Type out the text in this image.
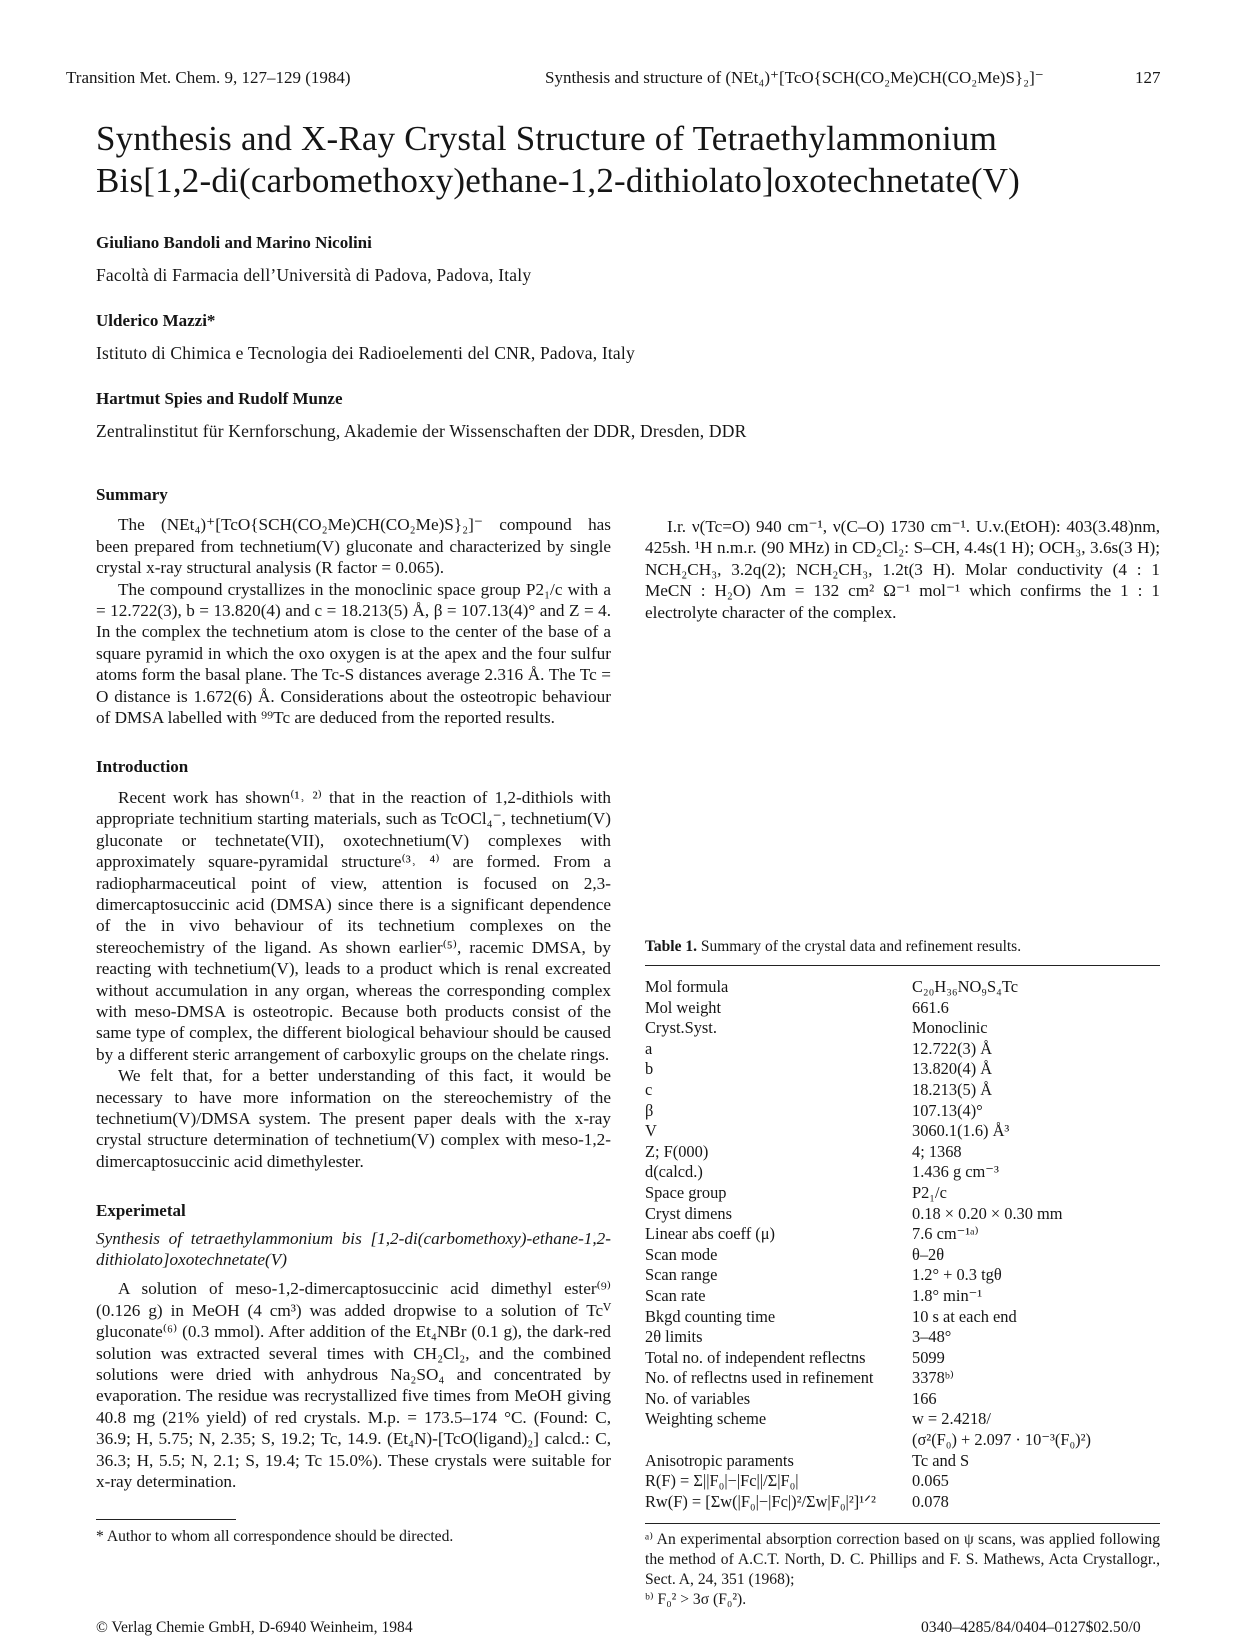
Transition Met. Chem. 9, 127–129 (1984)	Synthesis and structure of (NEt₄)⁺[TcO{SCH(CO₂Me)CH(CO₂Me)S}₂]⁻	127
Synthesis and X-Ray Crystal Structure of Tetraethylammonium
Bis[1,2-di(carbomethoxy)ethane-1,2-dithiolato]oxotechnetate(V)
Giuliano Bandoli and Marino Nicolini
Facoltà di Farmacia dell’Università di Padova, Padova, Italy
Ulderico Mazzi*
Istituto di Chimica e Tecnologia dei Radioelementi del CNR, Padova, Italy
Hartmut Spies and Rudolf Munze
Zentralinstitut für Kernforschung, Akademie der Wissenschaften der DDR, Dresden, DDR

Summary

The (NEt₄)⁺[TcO{SCH(CO₂Me)CH(CO₂Me)S}₂]⁻ compound has been prepared from technetium(V) gluconate and characterized by single crystal x-ray structural analysis (R factor = 0.065).

The compound crystallizes in the monoclinic space group P2₁/c with a = 12.722(3), b = 13.820(4) and c = 18.213(5) Å, β = 107.13(4)° and Z = 4. In the complex the technetium atom is close to the center of the base of a square pyramid in which the oxo oxygen is at the apex and the four sulfur atoms form the basal plane. The Tc-S distances average 2.316 Å. The Tc = O distance is 1.672(6) Å. Considerations about the osteotropic behaviour of DMSA labelled with ⁹⁹Tc are deduced from the reported results.

Introduction

Recent work has shown⁽¹˒ ²⁾ that in the reaction of 1,2-dithiols with appropriate technitium starting materials, such as TcOCl₄⁻, technetium(V) gluconate or technetate(VII), oxotechnetium(V) complexes with approximately square-pyramidal structure⁽³˒ ⁴⁾ are formed. From a radiopharmaceutical point of view, attention is focused on 2,3-dimercaptosuccinic acid (DMSA) since there is a significant dependence of the in vivo behaviour of its technetium complexes on the stereochemistry of the ligand. As shown earlier⁽⁵⁾, racemic DMSA, by reacting with technetium(V), leads to a product which is renal excreated without accumulation in any organ, whereas the corresponding complex with meso-DMSA is osteotropic. Because both products consist of the same type of complex, the different biological behaviour should be caused by a different steric arrangement of carboxylic groups on the chelate rings.

We felt that, for a better understanding of this fact, it would be necessary to have more information on the stereochemistry of the technetium(V)/DMSA system. The present paper deals with the x-ray crystal structure determination of technetium(V) complex with meso-1,2-dimercaptosuccinic acid dimethylester.

Experimetal

Synthesis of tetraethylammonium bis [1,2-di(carbomethoxy)-ethane-1,2-dithiolato]oxotechnetate(V)

A solution of meso-1,2-dimercaptosuccinic acid dimethyl ester⁽⁹⁾ (0.126 g) in MeOH (4 cm³) was added dropwise to a solution of Tcⱽ gluconate⁽⁶⁾ (0.3 mmol). After addition of the Et₄NBr (0.1 g), the dark-red solution was extracted several times with CH₂Cl₂, and the combined solutions were dried with anhydrous Na₂SO₄ and concentrated by evaporation. The residue was recrystallized five times from MeOH giving 40.8 mg (21% yield) of red crystals. M.p. = 173.5–174 °C. (Found: C, 36.9; H, 5.75; N, 2.35; S, 19.2; Tc, 14.9. (Et₄N)-[TcO(ligand)₂] calcd.: C, 36.3; H, 5.5; N, 2.1; S, 19.4; Tc 15.0%). These crystals were suitable for x-ray determination.

* Author to whom all correspondence should be directed.

I.r. ν(Tc=O) 940 cm⁻¹, ν(C–O) 1730 cm⁻¹. U.v.(EtOH): 403(3.48)nm, 425sh. ¹H n.m.r. (90 MHz) in CD₂Cl₂: S–CH, 4.4s(1 H); OCH₃, 3.6s(3 H); NCH₂CH₃, 3.2q(2); NCH₂CH₃, 1.2t(3 H). Molar conductivity (4 : 1 MeCN : H₂O) Λm = 132 cm² Ω⁻¹ mol⁻¹ which confirms the 1 : 1 electrolyte character of the complex.

Table 1. Summary of the crystal data and refinement results.
Mol formula	C₂₀H₃₆NO₉S₄Tc
Mol weight	661.6
Cryst.Syst.	Monoclinic
a	12.722(3) Å
b	13.820(4) Å
c	18.213(5) Å
β	107.13(4)°
V	3060.1(1.6) Å³
Z; F(000)	4; 1368
d(calcd.)	1.436 g cm⁻³
Space group	P2₁/c
Cryst dimens	0.18 × 0.20 × 0.30 mm
Linear abs coeff (μ)	7.6 cm⁻¹ᵃ⁾
Scan mode	θ–2θ
Scan range	1.2° + 0.3 tgθ
Scan rate	1.8° min⁻¹
Bkgd counting time	10 s at each end
2θ limits	3–48°
Total no. of independent reflectns	5099
No. of reflectns used in refinement	3378ᵇ⁾
No. of variables	166
Weighting scheme	w = 2.4218/
	(σ²(F₀) + 2.097 · 10⁻³(F₀)²)
Anisotropic paraments	Tc and S
R(F) = Σ||F₀|−|Fc||/Σ|F₀|	0.065
Rw(F) = [Σw(|F₀|−|Fc|)²/Σw|F₀|²]¹ᐟ²	0.078
ᵃ⁾ An experimental absorption correction based on ψ scans, was applied following the method of A.C.T. North, D. C. Phillips and F. S. Mathews, Acta Crystallogr., Sect. A, 24, 351 (1968);
ᵇ⁾ F₀² > 3σ (F₀²).
© Verlag Chemie GmbH, D-6940 Weinheim, 1984	0340–4285/84/0404–0127$02.50/0
